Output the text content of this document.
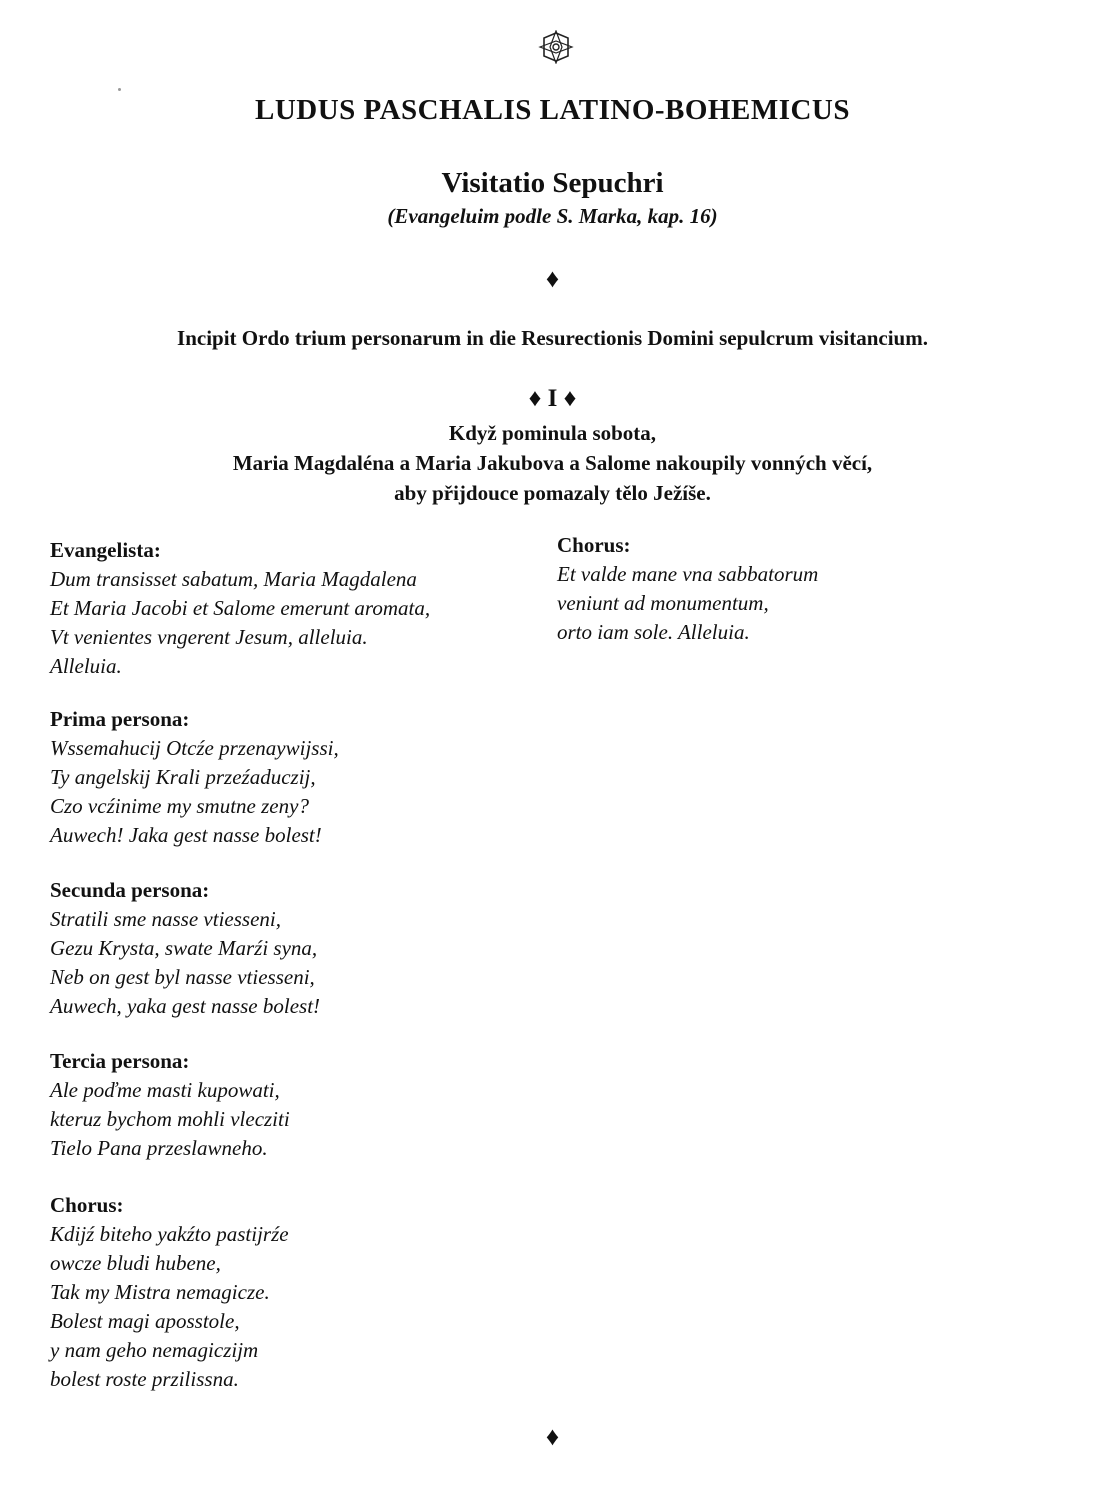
LUDUS PASCHALIS LATINO-BOHEMICUS
Visitatio Sepuchri
(Evangeluim podle S. Marka, kap. 16)
♦
Incipit Ordo trium personarum in die Resurectionis Domini sepulcrum visitancium.
♦ I ♦
Když pominula sobota,
Maria Magdaléna a Maria Jakubova a Salome nakoupily vonných věcí,
aby přijdouce pomazaly tělo Ježíše.
Evangelista:
Dum transisset sabatum, Maria Magdalena
Et Maria Jacobi et Salome emerunt aromata,
Vt venientes vngerent Jesum, alleluia.
Alleluia.
Chorus:
Et valde mane vna sabbatorum
veniunt ad monumentum,
orto iam sole. Alleluia.
Prima persona:
Wssemahucij Otcźe przenaywijssi,
Ty angelskij Krali przeźaduczij,
Czo vcźinime my smutne zeny?
Auwech! Jaka gest nasse bolest!
Secunda persona:
Stratili sme nasse vtiesseni,
Gezu Krysta, swate Marźi syna,
Neb on gest byl nasse vtiesseni,
Auwech, yaka gest nasse bolest!
Tercia persona:
Ale poďme masti kupowati,
kteruz bychom mohli vlecziti
Tielo Pana przeslawneho.
Chorus:
Kdijź biteho yakźto pastijrźe
owcze bludi hubene,
Tak my Mistra nemagicze.
Bolest magi aposstole,
y nam geho nemagiczijm
bolest roste przilissna.
♦
